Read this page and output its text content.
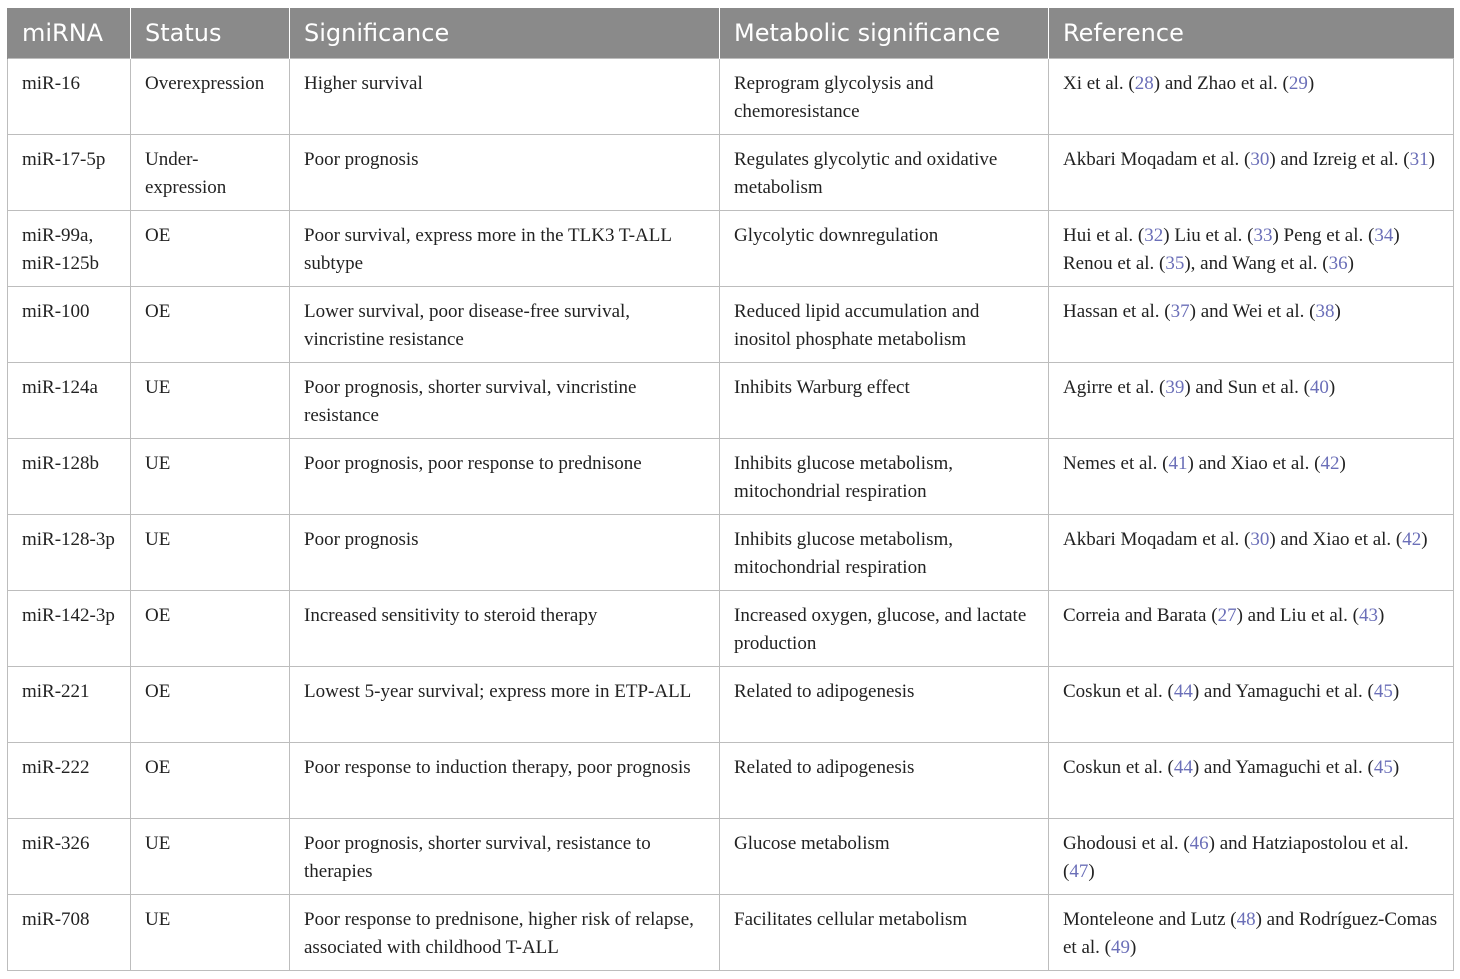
miRNA	Status	Significance	Metabolic significance	Reference
miR-16	Overexpression	Higher survival	Reprogram glycolysis and chemoresistance	Xi et al. (28) and Zhao et al. (29)
miR-17-5p	Under-expression	Poor prognosis	Regulates glycolytic and oxidative metabolism	Akbari Moqadam et al. (30) and Izreig et al. (31)
miR-99a, miR-125b	OE	Poor survival, express more in the TLK3 T-ALL subtype	Glycolytic downregulation	Hui et al. (32) Liu et al. (33) Peng et al. (34) Renou et al. (35), and Wang et al. (36)
miR-100	OE	Lower survival, poor disease-free survival, vincristine resistance	Reduced lipid accumulation and inositol phosphate metabolism	Hassan et al. (37) and Wei et al. (38)
miR-124a	UE	Poor prognosis, shorter survival, vincristine resistance	Inhibits Warburg effect	Agirre et al. (39) and Sun et al. (40)
miR-128b	UE	Poor prognosis, poor response to prednisone	Inhibits glucose metabolism, mitochondrial respiration	Nemes et al. (41) and Xiao et al. (42)
miR-128-3p	UE	Poor prognosis	Inhibits glucose metabolism, mitochondrial respiration	Akbari Moqadam et al. (30) and Xiao et al. (42)
miR-142-3p	OE	Increased sensitivity to steroid therapy	Increased oxygen, glucose, and lactate production	Correia and Barata (27) and Liu et al. (43)
miR-221	OE	Lowest 5-year survival; express more in ETP-ALL	Related to adipogenesis	Coskun et al. (44) and Yamaguchi et al. (45)
miR-222	OE	Poor response to induction therapy, poor prognosis	Related to adipogenesis	Coskun et al. (44) and Yamaguchi et al. (45)
miR-326	UE	Poor prognosis, shorter survival, resistance to therapies	Glucose metabolism	Ghodousi et al. (46) and Hatziapostolou et al. (47)
miR-708	UE	Poor response to prednisone, higher risk of relapse, associated with childhood T-ALL	Facilitates cellular metabolism	Monteleone and Lutz (48) and Rodríguez-Comas et al. (49)
